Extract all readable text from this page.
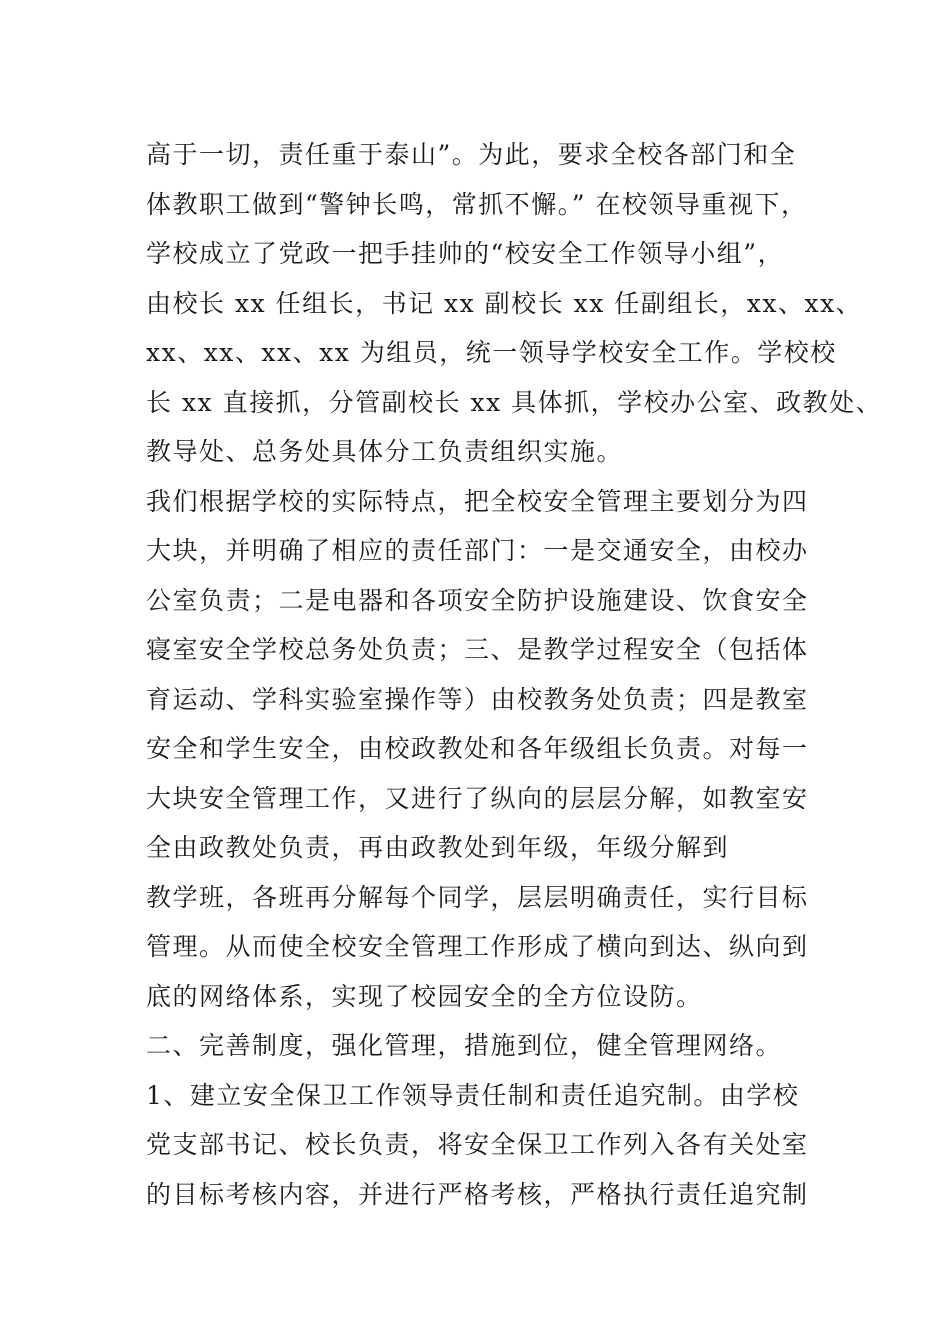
高于一切，责任重于泰山”。为此，要求全校各部门和全
体教职工做到“警钟长鸣，常抓不懈。” 在校领导重视下，
学校成立了党政一把手挂帅的“校安全工作领导小组”，
由校长 xx 任组长，书记 xx 副校长 xx 任副组长，xx、xx、
xx、xx、xx、xx 为组员，统一领导学校安全工作。学校校
长 xx 直接抓，分管副校长 xx 具体抓，学校办公室、政教处、
教导处、总务处具体分工负责组织实施。
我们根据学校的实际特点，把全校安全管理主要划分为四
大块，并明确了相应的责任部门：一是交通安全，由校办
公室负责；二是电器和各项安全防护设施建设、饮食安全
寝室安全学校总务处负责；三、是教学过程安全（包括体
育运动、学科实验室操作等）由校教务处负责；四是教室
安全和学生安全，由校政教处和各年级组长负责。对每一
大块安全管理工作，又进行了纵向的层层分解，如教室安
全由政教处负责，再由政教处到年级，年级分解到
教学班，各班再分解每个同学，层层明确责任，实行目标
管理。从而使全校安全管理工作形成了横向到达、纵向到
底的网络体系，实现了校园安全的全方位设防。
二、完善制度，强化管理，措施到位，健全管理网络。
1、建立安全保卫工作领导责任制和责任追究制。由学校
党支部书记、校长负责，将安全保卫工作列入各有关处室
的目标考核内容，并进行严格考核，严格执行责任追究制
